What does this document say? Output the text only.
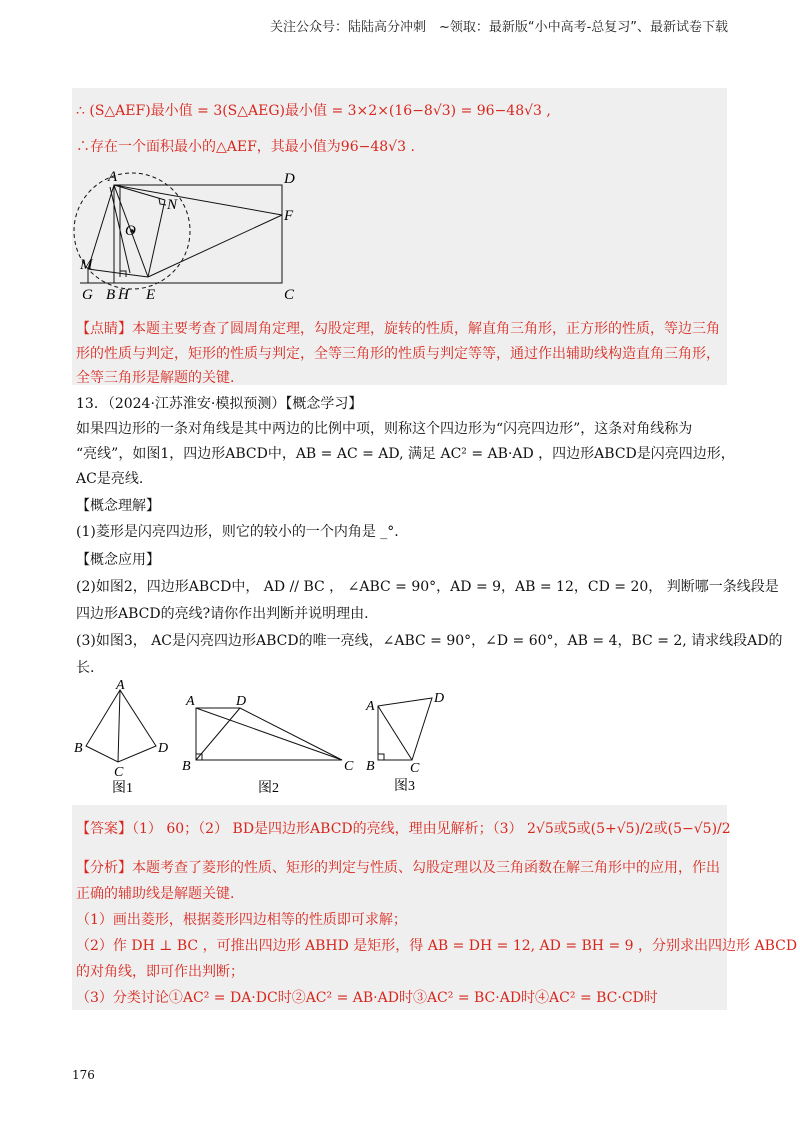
关注公众号：陆陆高分冲刺　~领取：最新版“小中高考-总复习”、最新试卷下载
∴ (S△AEF)最小值 = 3(S△AEG)最小值 = 3×2×(16−8√3) = 96−48√3 ,
∴存在一个面积最小的△AEF，其最小值为96−48√3 .
A	D
N
O
F
M
G B H E	C
【点睛】本题主要考查了圆周角定理，勾股定理，旋转的性质，解直角三角形，正方形的性质，等边三角
形的性质与判定，矩形的性质与判定，全等三角形的性质与判定等等，通过作出辅助线构造直角三角形，
全等三角形是解题的关键.
13．（2024·江苏淮安·模拟预测）【概念学习】
如果四边形的一条对角线是其中两边的比例中项，则称这个四边形为“闪亮四边形”，这条对角线称为
“亮线”，如图1，四边形ABCD中，AB = AC = AD, 满足 AC² = AB·AD ，四边形ABCD是闪亮四边形，
AC是亮线.
【概念理解】
(1)菱形是闪亮四边形，则它的较小的一个内角是 _°.
【概念应用】
(2)如图2，四边形ABCD中， AD // BC ， ∠ABC = 90°，AD = 9，AB = 12，CD = 20， 判断哪一条线段是
四边形ABCD的亮线?请你作出判断并说明理由.
(3)如图3， AC是闪亮四边形ABCD的唯一亮线，∠ABC = 90°，∠D = 60°，AB = 4，BC = 2, 请求线段AD的
长.
A
B
C
D
图1
A	D
B	C
图2
A
D
B	C
图3
【答案】（1） 60；（2） BD是四边形ABCD的亮线，理由见解析；（3） 2√5或5或(5+√5)/2或(5−√5)/2
【分析】本题考查了菱形的性质、矩形的判定与性质、勾股定理以及三角函数在解三角形中的应用，作出
正确的辅助线是解题关键.
（1）画出菱形，根据菱形四边相等的性质即可求解；
（2）作 DH ⊥ BC ，可推出四边形 ABHD 是矩形，得 AB = DH = 12, AD = BH = 9 ，分别求出四边形 ABCD
的对角线，即可作出判断；
（3）分类讨论①AC² = DA·DC时②AC² = AB·AD时③AC² = BC·AD时④AC² = BC·CD时
176
